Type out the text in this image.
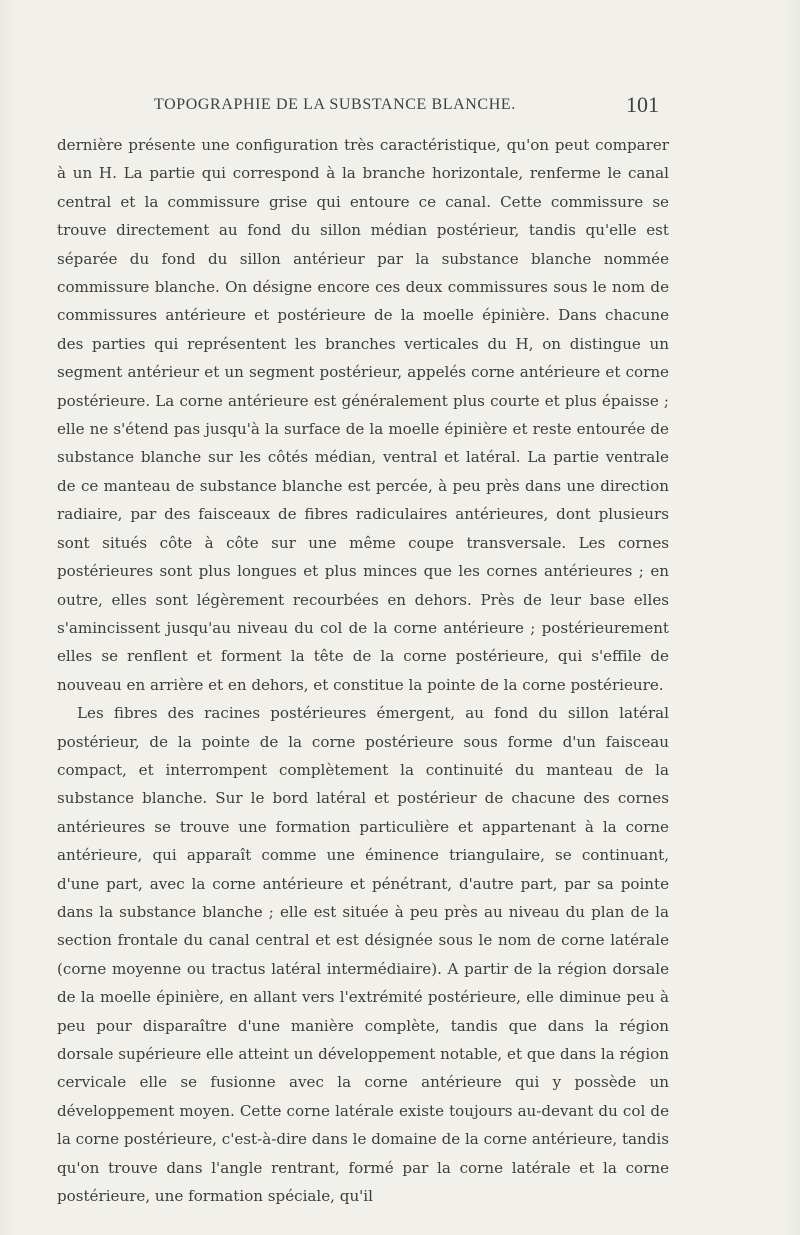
TOPOGRAPHIE DE LA SUBSTANCE BLANCHE.	101

dernière présente une configuration très caractéristique, qu'on peut comparer à un H. La partie qui correspond à la branche horizontale, renferme le canal central et la commissure grise qui entoure ce canal. Cette commissure se trouve directement au fond du sillon médian postérieur, tandis qu'elle est séparée du fond du sillon antérieur par la substance blanche nommée commissure blanche. On désigne encore ces deux commissures sous le nom de commissures antérieure et postérieure de la moelle épinière. Dans chacune des parties qui représentent les branches verticales du H, on distingue un segment antérieur et un segment postérieur, appelés corne antérieure et corne postérieure. La corne antérieure est généralement plus courte et plus épaisse ; elle ne s'étend pas jusqu'à la surface de la moelle épinière et reste entourée de substance blanche sur les côtés médian, ventral et latéral. La partie ventrale de ce manteau de substance blanche est percée, à peu près dans une direction radiaire, par des faisceaux de fibres radiculaires antérieures, dont plusieurs sont situés côte à côte sur une même coupe transversale. Les cornes postérieures sont plus longues et plus minces que les cornes antérieures ; en outre, elles sont légèrement recourbées en dehors. Près de leur base elles s'amincissent jusqu'au niveau du col de la corne antérieure ; postérieurement elles se renflent et forment la tête de la corne postérieure, qui s'effile de nouveau en arrière et en dehors, et constitue la pointe de la corne postérieure.

Les fibres des racines postérieures émergent, au fond du sillon latéral postérieur, de la pointe de la corne postérieure sous forme d'un faisceau compact, et interrompent complètement la continuité du manteau de la substance blanche. Sur le bord latéral et postérieur de chacune des cornes antérieures se trouve une formation particulière et appartenant à la corne antérieure, qui apparaît comme une éminence triangulaire, se continuant, d'une part, avec la corne antérieure et pénétrant, d'autre part, par sa pointe dans la substance blanche ; elle est située à peu près au niveau du plan de la section frontale du canal central et est désignée sous le nom de corne latérale (corne moyenne ou tractus latéral intermédiaire). A partir de la région dorsale de la moelle épinière, en allant vers l'extrémité postérieure, elle diminue peu à peu pour disparaître d'une manière complète, tandis que dans la région dorsale supérieure elle atteint un développement notable, et que dans la région cervicale elle se fusionne avec la corne antérieure qui y possède un développement moyen. Cette corne latérale existe toujours au-devant du col de la corne postérieure, c'est-à-dire dans le domaine de la corne antérieure, tandis qu'on trouve dans l'angle rentrant, formé par la corne latérale et la corne postérieure, une formation spéciale, qu'il
